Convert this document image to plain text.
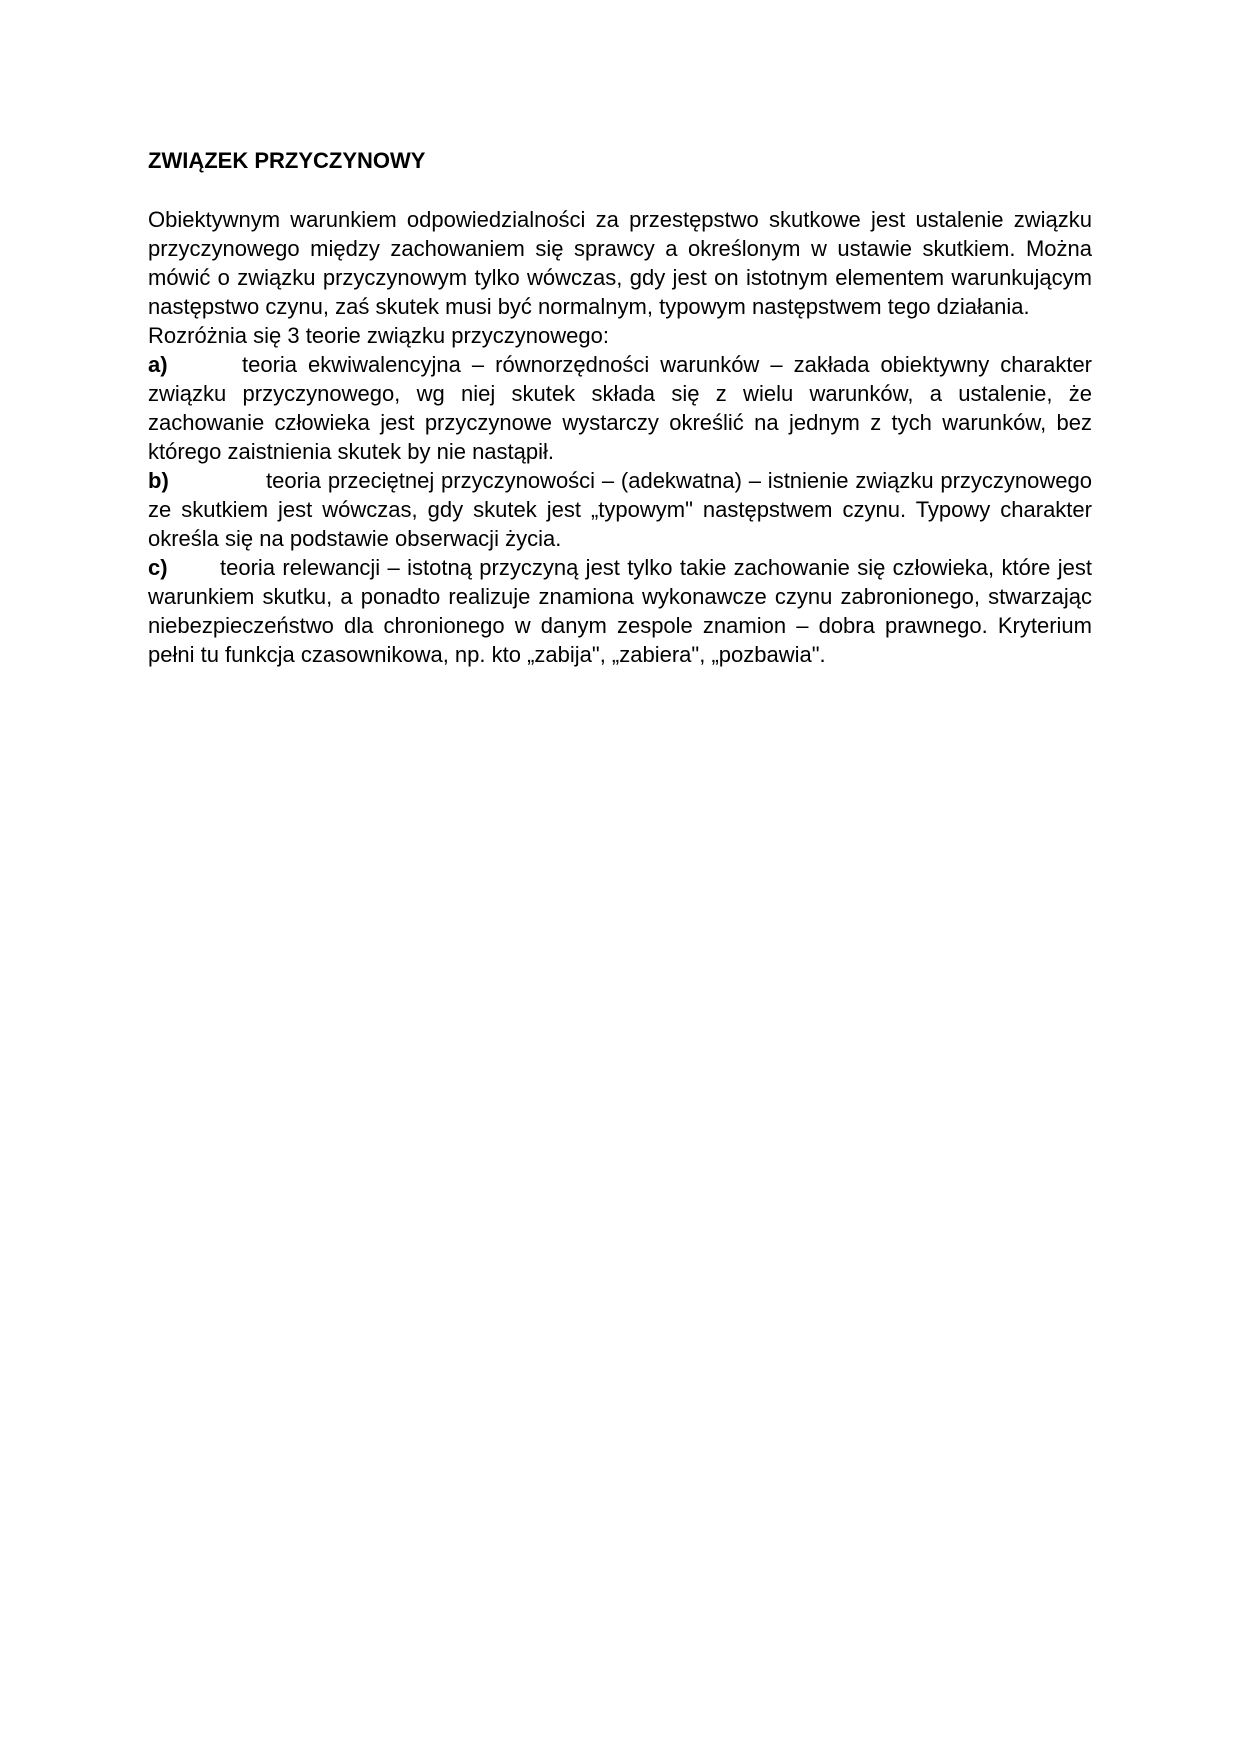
ZWIĄZEK PRZYCZYNOWY

Obiektywnym warunkiem odpowiedzialności za przestępstwo skutkowe jest ustalenie związku przyczynowego między zachowaniem się sprawcy a określonym w ustawie skutkiem. Można mówić o związku przyczynowym tylko wówczas, gdy jest on istotnym elementem warunkującym następstwo czynu, zaś skutek musi być normalnym, typowym następstwem tego działania.

Rozróżnia się 3 teorie związku przyczynowego:

a)	teoria ekwiwalencyjna – równorzędności warunków – zakłada obiektywny charakter związku przyczynowego, wg niej skutek składa się z wielu warunków, a ustalenie, że zachowanie człowieka jest przyczynowe wystarczy określić na jednym z tych warunków, bez którego zaistnienia skutek by nie nastąpił.

b)	teoria przeciętnej przyczynowości – (adekwatna) – istnienie związku przyczynowego ze skutkiem jest wówczas, gdy skutek jest „typowym" następstwem czynu. Typowy charakter określa się na podstawie obserwacji życia.

c) teoria relewancji – istotną przyczyną jest tylko takie zachowanie się człowieka, które jest warunkiem skutku, a ponadto realizuje znamiona wykonawcze czynu zabronionego, stwarzając niebezpieczeństwo dla chronionego w danym zespole znamion – dobra prawnego. Kryterium pełni tu funkcja czasownikowa, np. kto „zabija", „zabiera", „pozbawia".
